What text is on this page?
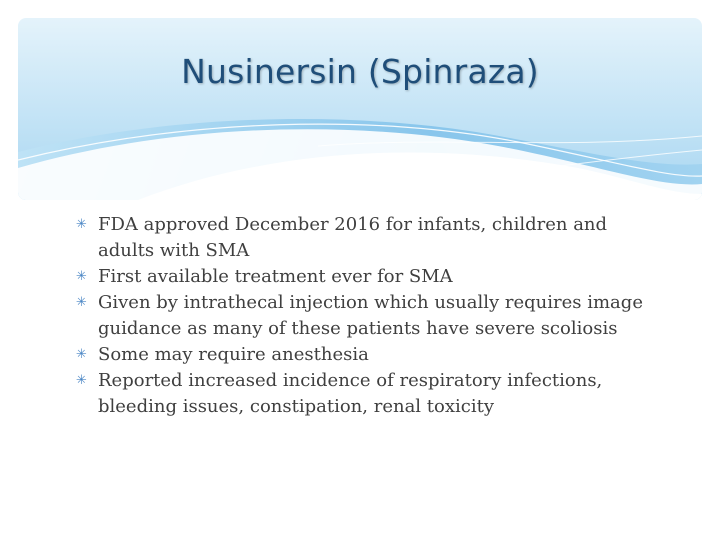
Nusinersin (Spinraza)
✳ FDA approved December 2016 for infants, children and adults with SMA
✳ First available treatment ever for SMA
✳ Given by intrathecal injection which usually requires image guidance as many of these patients have severe scoliosis
✳ Some may require anesthesia
✳ Reported increased incidence of respiratory infections, bleeding issues, constipation, renal toxicity
